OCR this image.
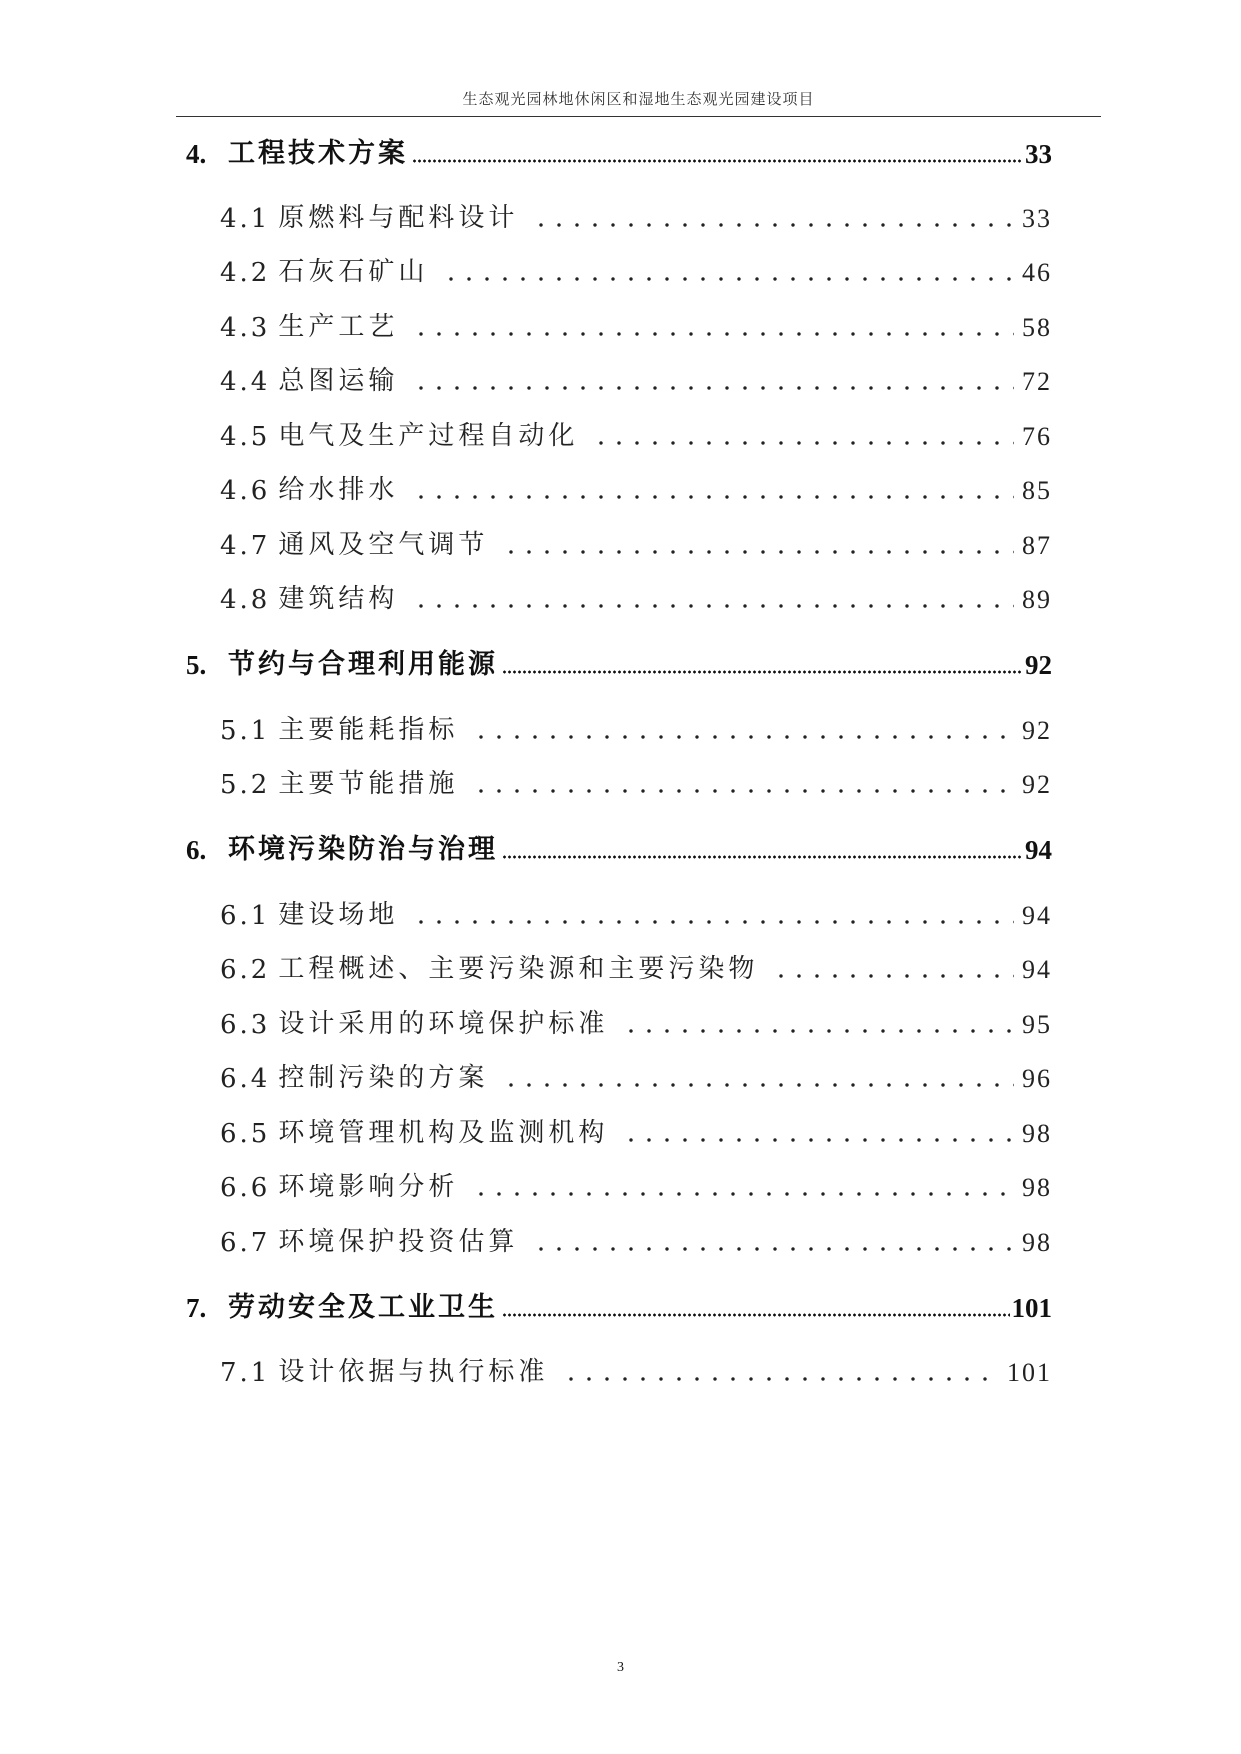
生态观光园林地休闲区和湿地生态观光园建设项目
4. 工程技术方案	33
4.1 原燃料与配料设计	33
4.2 石灰石矿山	46
4.3 生产工艺	58
4.4 总图运输	72
4.5 电气及生产过程自动化	76
4.6 给水排水	85
4.7 通风及空气调节	87
4.8 建筑结构	89
5. 节约与合理利用能源	92
5.1 主要能耗指标	92
5.2 主要节能措施	92
6. 环境污染防治与治理	94
6.1 建设场地	94
6.2 工程概述、主要污染源和主要污染物	94
6.3 设计采用的环境保护标准	95
6.4 控制污染的方案	96
6.5 环境管理机构及监测机构	98
6.6 环境影响分析	98
6.7 环境保护投资估算	98
7. 劳动安全及工业卫生	101
7.1 设计依据与执行标准	101
3
